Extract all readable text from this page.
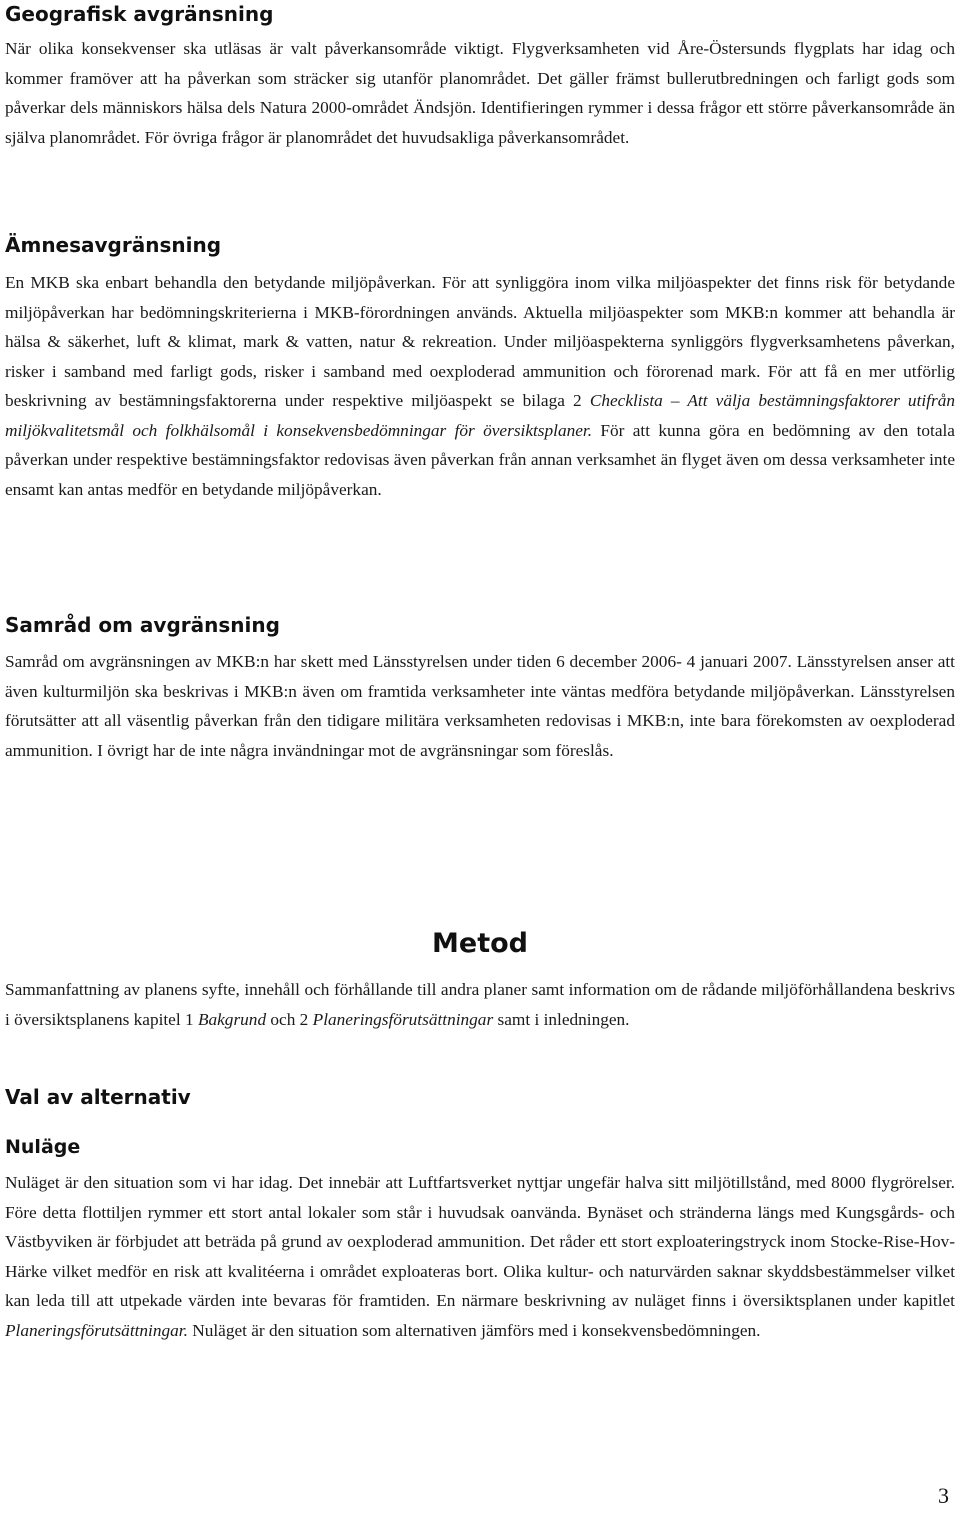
Geografisk avgränsning

När olika konsekvenser ska utläsas är valt påverkansområde viktigt. Flygverksamheten vid Åre-Östersunds flygplats har idag och kommer framöver att ha påverkan som sträcker sig utanför planområdet. Det gäller främst bullerutbredningen och farligt gods som påverkar dels människors hälsa dels Natura 2000-området Ändsjön. Identifieringen rymmer i dessa frågor ett större påverkansområde än själva planområdet. För övriga frågor är planområdet det huvudsakliga påverkansområdet.

Ämnesavgränsning

En MKB ska enbart behandla den betydande miljöpåverkan. För att synliggöra inom vilka miljöaspekter det finns risk för betydande miljöpåverkan har bedömningskriterierna i MKB-förordningen används. Aktuella miljöaspekter som MKB:n kommer att behandla är hälsa & säkerhet, luft & klimat, mark & vatten, natur & rekreation. Under miljöaspekterna synliggörs flygverksamhetens påverkan, risker i samband med farligt gods, risker i samband med oexploderad ammunition och förorenad mark. För att få en mer utförlig beskrivning av bestämningsfaktorerna under respektive miljöaspekt se bilaga 2 Checklista – Att välja bestämningsfaktorer utifrån miljökvalitetsmål och folkhälsomål i konsekvensbedömningar för översiktsplaner. För att kunna göra en bedömning av den totala påverkan under respektive bestämningsfaktor redovisas även påverkan från annan verksamhet än flyget även om dessa verksamheter inte ensamt kan antas medför en betydande miljöpåverkan.

Samråd om avgränsning

Samråd om avgränsningen av MKB:n har skett med Länsstyrelsen under tiden 6 december 2006- 4 januari 2007. Länsstyrelsen anser att även kulturmiljön ska beskrivas i MKB:n även om framtida verksamheter inte väntas medföra betydande miljöpåverkan. Länsstyrelsen förutsätter att all väsentlig påverkan från den tidigare militära verksamheten redovisas i MKB:n, inte bara förekomsten av oexploderad ammunition. I övrigt har de inte några invändningar mot de avgränsningar som föreslås.

Metod

Sammanfattning av planens syfte, innehåll och förhållande till andra planer samt information om de rådande miljöförhållandena beskrivs i översiktsplanens kapitel 1 Bakgrund och 2 Planeringsförutsättningar samt i inledningen.

Val av alternativ
Nuläge

Nuläget är den situation som vi har idag. Det innebär att Luftfartsverket nyttjar ungefär halva sitt miljötillstånd, med 8000 flygrörelser. Före detta flottiljen rymmer ett stort antal lokaler som står i huvudsak oanvända. Bynäset och stränderna längs med Kungsgårds- och Västbyviken är förbjudet att beträda på grund av oexploderad ammunition. Det råder ett stort exploateringstryck inom Stocke-Rise-Hov-Härke vilket medför en risk att kvalitéerna i området exploateras bort. Olika kultur- och naturvärden saknar skyddsbestämmelser vilket kan leda till att utpekade värden inte bevaras för framtiden. En närmare beskrivning av nuläget finns i översiktsplanen under kapitlet Planeringsförutsättningar. Nuläget är den situation som alternativen jämförs med i konsekvensbedömningen.

3
